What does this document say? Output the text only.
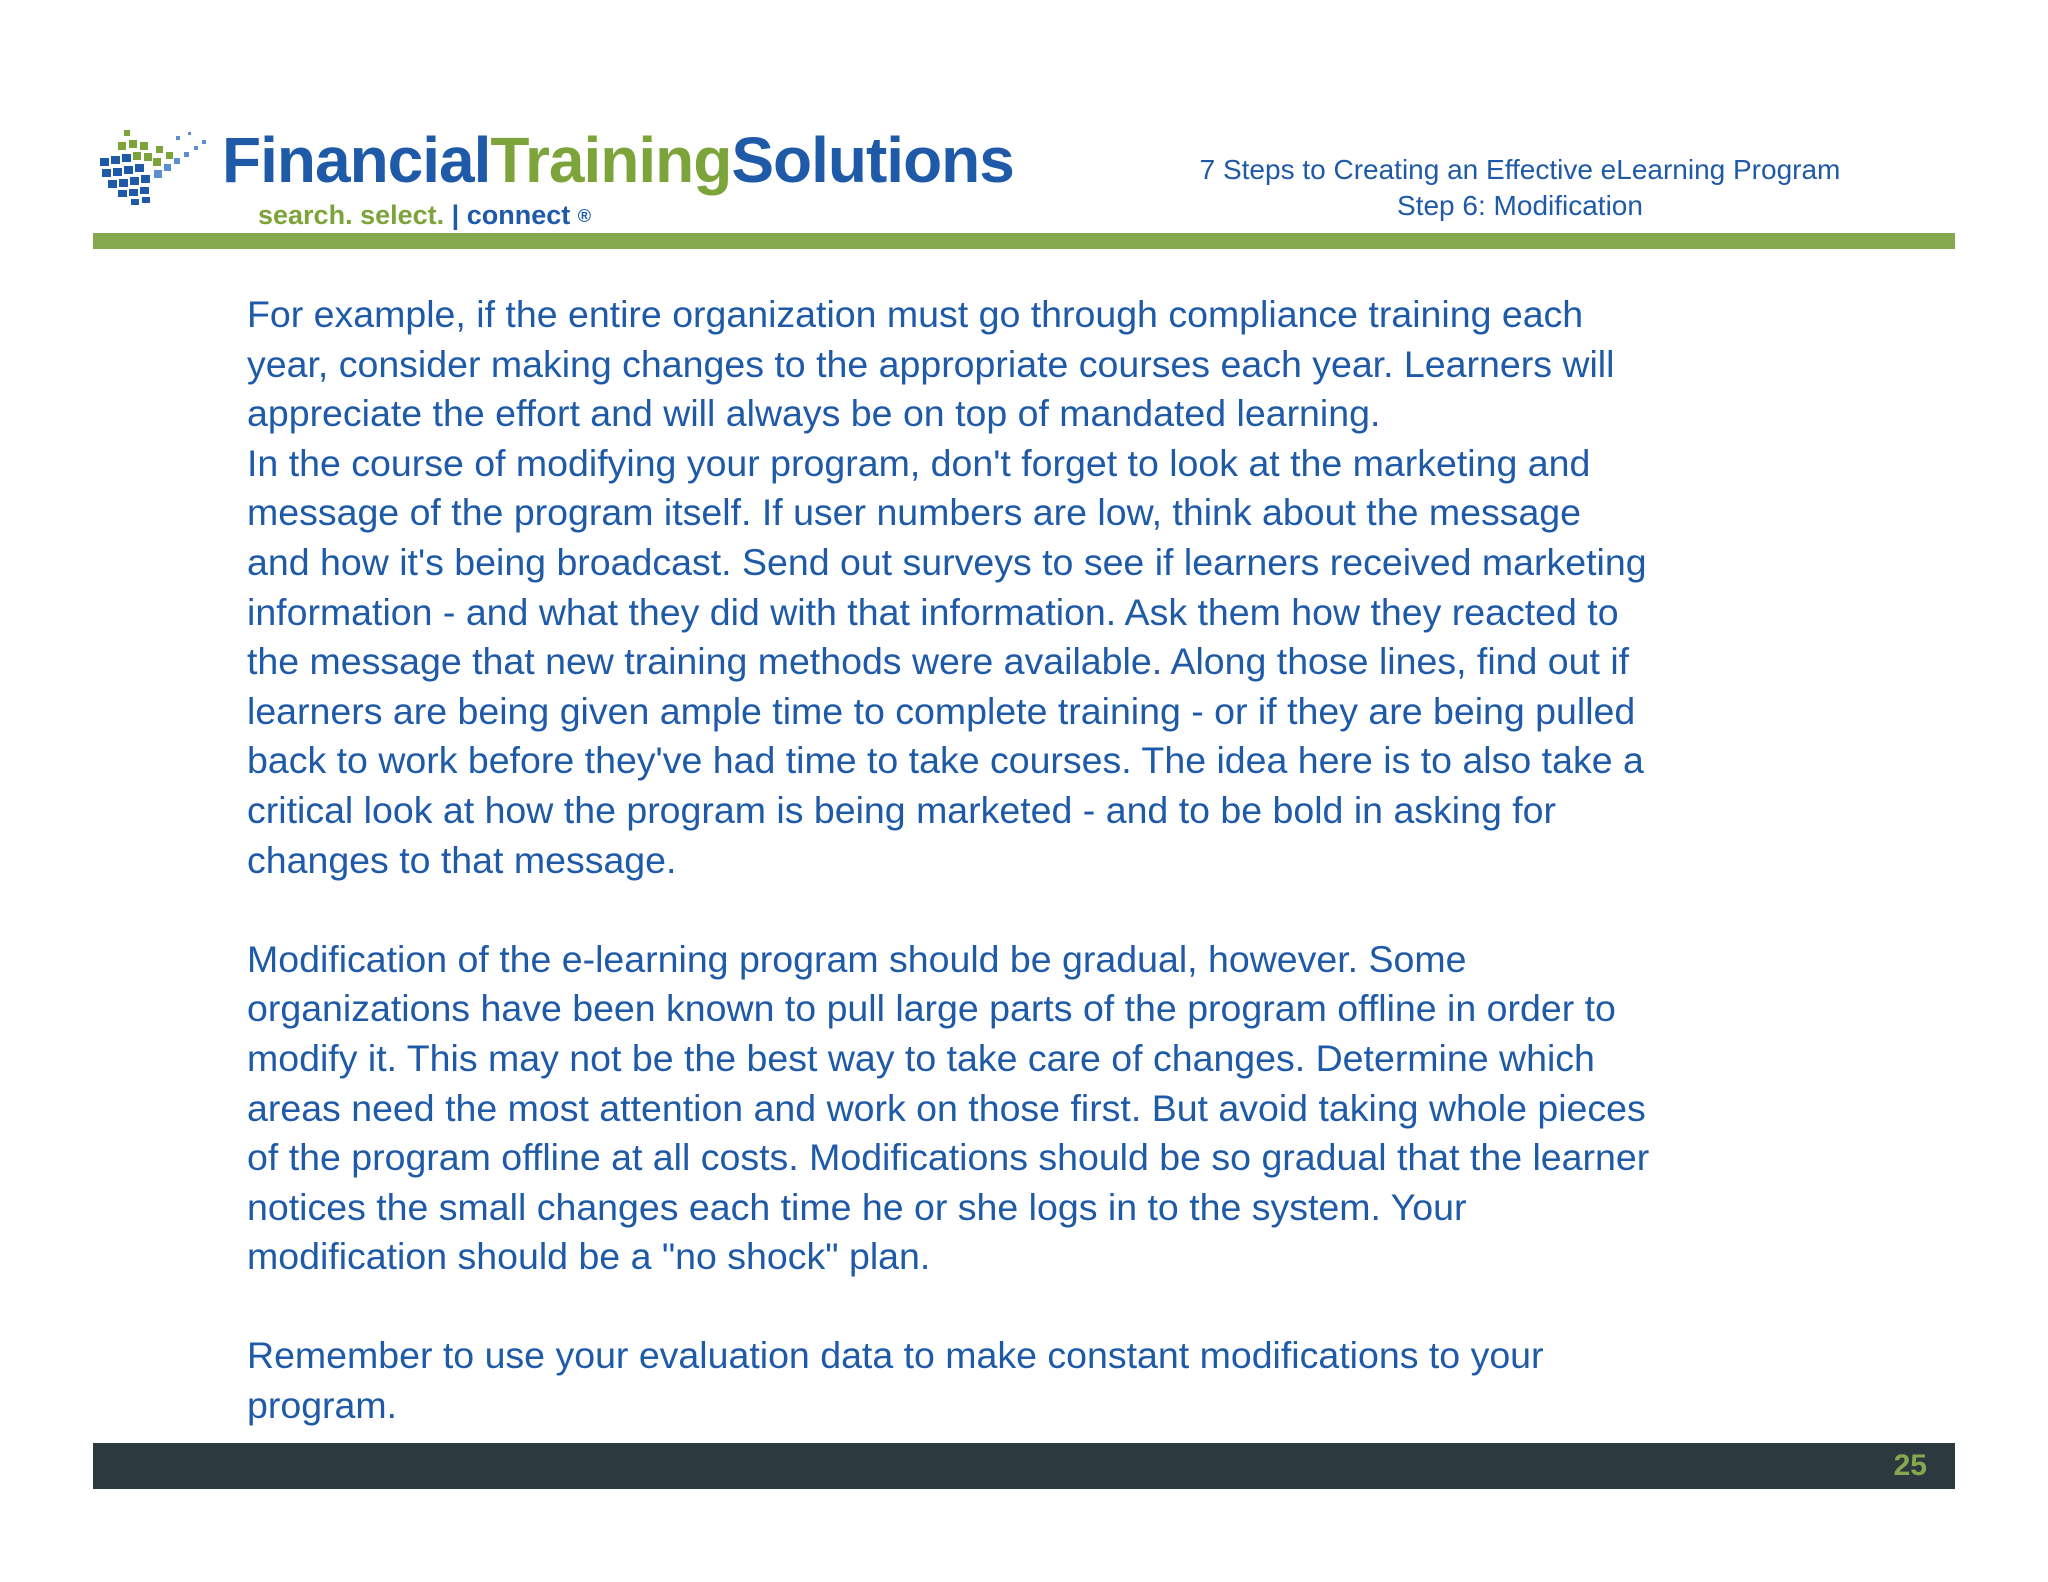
FinancialTrainingSolutions
search. select. | connect ®
7 Steps to Creating an Effective eLearning Program
Step 6: Modification

For example, if the entire organization must go through compliance training each
year, consider making changes to the appropriate courses each year. Learners will
appreciate the effort and will always be on top of mandated learning.

In the course of modifying your program, don't forget to look at the marketing and
message of the program itself. If user numbers are low, think about the message
and how it's being broadcast. Send out surveys to see if learners received marketing
information - and what they did with that information. Ask them how they reacted to
the message that new training methods were available. Along those lines, find out if
learners are being given ample time to complete training - or if they are being pulled
back to work before they've had time to take courses. The idea here is to also take a
critical look at how the program is being marketed - and to be bold in asking for
changes to that message.

Modification of the e-learning program should be gradual, however. Some
organizations have been known to pull large parts of the program offline in order to
modify it. This may not be the best way to take care of changes. Determine which
areas need the most attention and work on those first. But avoid taking whole pieces
of the program offline at all costs. Modifications should be so gradual that the learner
notices the small changes each time he or she logs in to the system. Your
modification should be a "no shock" plan.

Remember to use your evaluation data to make constant modifications to your
program.

25
